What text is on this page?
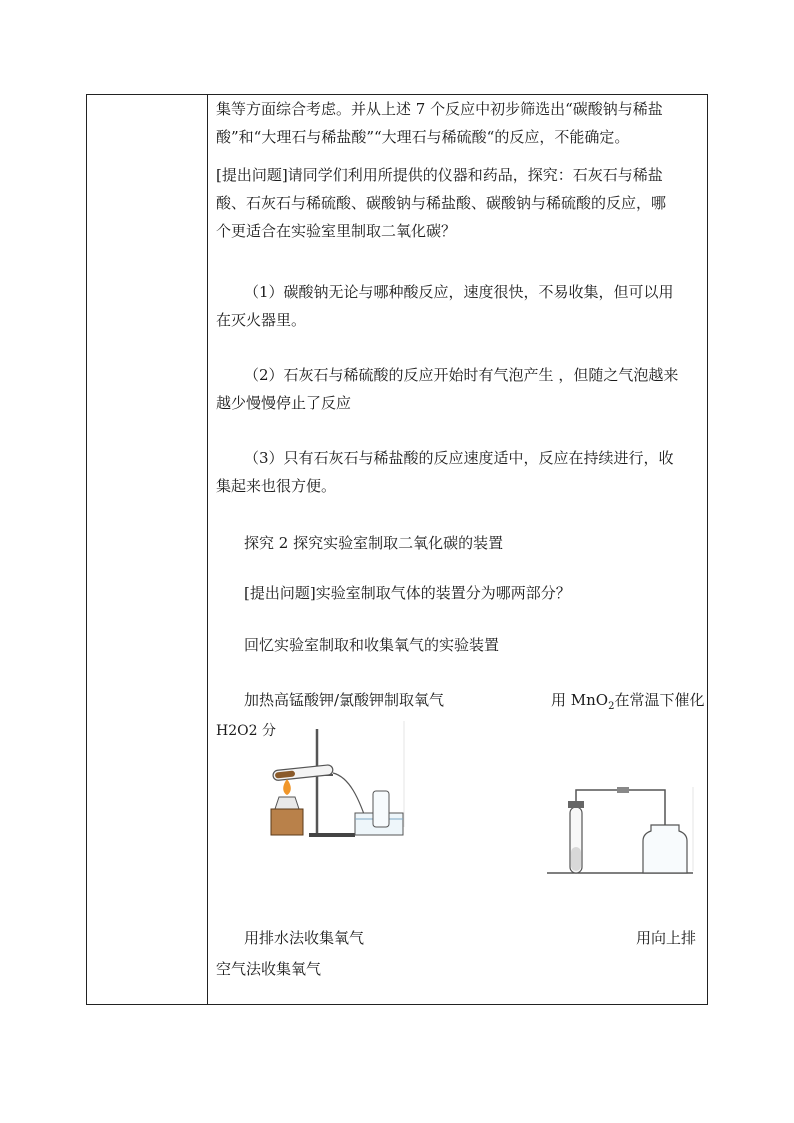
集等方面综合考虑。并从上述 7 个反应中初步筛选出“碳酸钠与稀盐
酸”和“大理石与稀盐酸”“大理石与稀硫酸“的反应，不能确定。
[提出问题]请同学们利用所提供的仪器和药品，探究：石灰石与稀盐
酸、石灰石与稀硫酸、碳酸钠与稀盐酸、碳酸钠与稀硫酸的反应，哪
个更适合在实验室里制取二氧化碳？
（1）碳酸钠无论与哪种酸反应，速度很快，不易收集，但可以用
在灭火器里。
（2）石灰石与稀硫酸的反应开始时有气泡产生 ，但随之气泡越来
越少慢慢停止了反应
（3）只有石灰石与稀盐酸的反应速度适中，反应在持续进行，收
集起来也很方便。
探究 2 探究实验室制取二氧化碳的装置
[提出问题]实验室制取气体的装置分为哪两部分？
回忆实验室制取和收集氧气的实验装置
加热高锰酸钾/氯酸钾制取氧气	用 MnO$_2$在常温下催化
H2O2 分
用排水法收集氧气	用向上排
空气法收集氧气
